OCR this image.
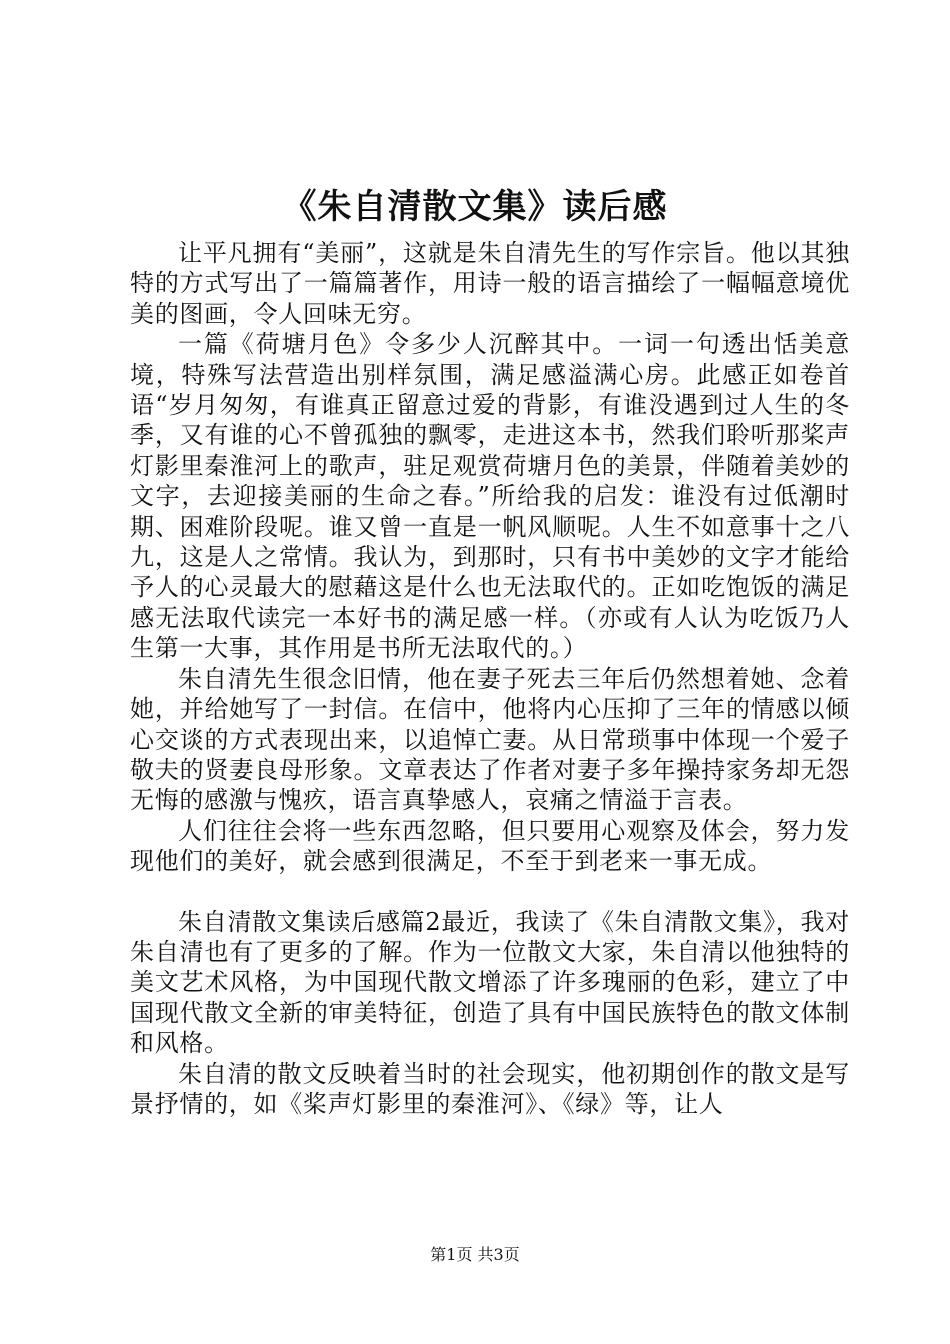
《朱自清散文集》读后感

让平凡拥有“美丽”，这就是朱自清先生的写作宗旨。他以其独特的方式写出了一篇篇著作，用诗一般的语言描绘了一幅幅意境优美的图画，令人回味无穷。

一篇《荷塘月色》令多少人沉醉其中。一词一句透出恬美意境，特殊写法营造出别样氛围，满足感溢满心房。此感正如卷首语“岁月匆匆，有谁真正留意过爱的背影，有谁没遇到过人生的冬季，又有谁的心不曾孤独的飘零，走进这本书，然我们聆听那桨声灯影里秦淮河上的歌声，驻足观赏荷塘月色的美景，伴随着美妙的文字，去迎接美丽的生命之春。”所给我的启发：谁没有过低潮时期、困难阶段呢。谁又曾一直是一帆风顺呢。人生不如意事十之八九，这是人之常情。我认为，到那时，只有书中美妙的文字才能给予人的心灵最大的慰藉这是什么也无法取代的。正如吃饱饭的满足感无法取代读完一本好书的满足感一样。（亦或有人认为吃饭乃人生第一大事，其作用是书所无法取代的。）

朱自清先生很念旧情，他在妻子死去三年后仍然想着她、念着她，并给她写了一封信。在信中，他将内心压抑了三年的情感以倾心交谈的方式表现出来，以追悼亡妻。从日常琐事中体现一个爱子敬夫的贤妻良母形象。文章表达了作者对妻子多年操持家务却无怨无悔的感激与愧疚，语言真挚感人，哀痛之情溢于言表。

人们往往会将一些东西忽略，但只要用心观察及体会，努力发现他们的美好，就会感到很满足，不至于到老来一事无成。

朱自清散文集读后感篇2最近，我读了《朱自清散文集》，我对朱自清也有了更多的了解。作为一位散文大家，朱自清以他独特的美文艺术风格，为中国现代散文增添了许多瑰丽的色彩，建立了中国现代散文全新的审美特征，创造了具有中国民族特色的散文体制和风格。

朱自清的散文反映着当时的社会现实，他初期创作的散文是写景抒情的，如《桨声灯影里的秦淮河》、《绿》等，让人

第1页 共3页
